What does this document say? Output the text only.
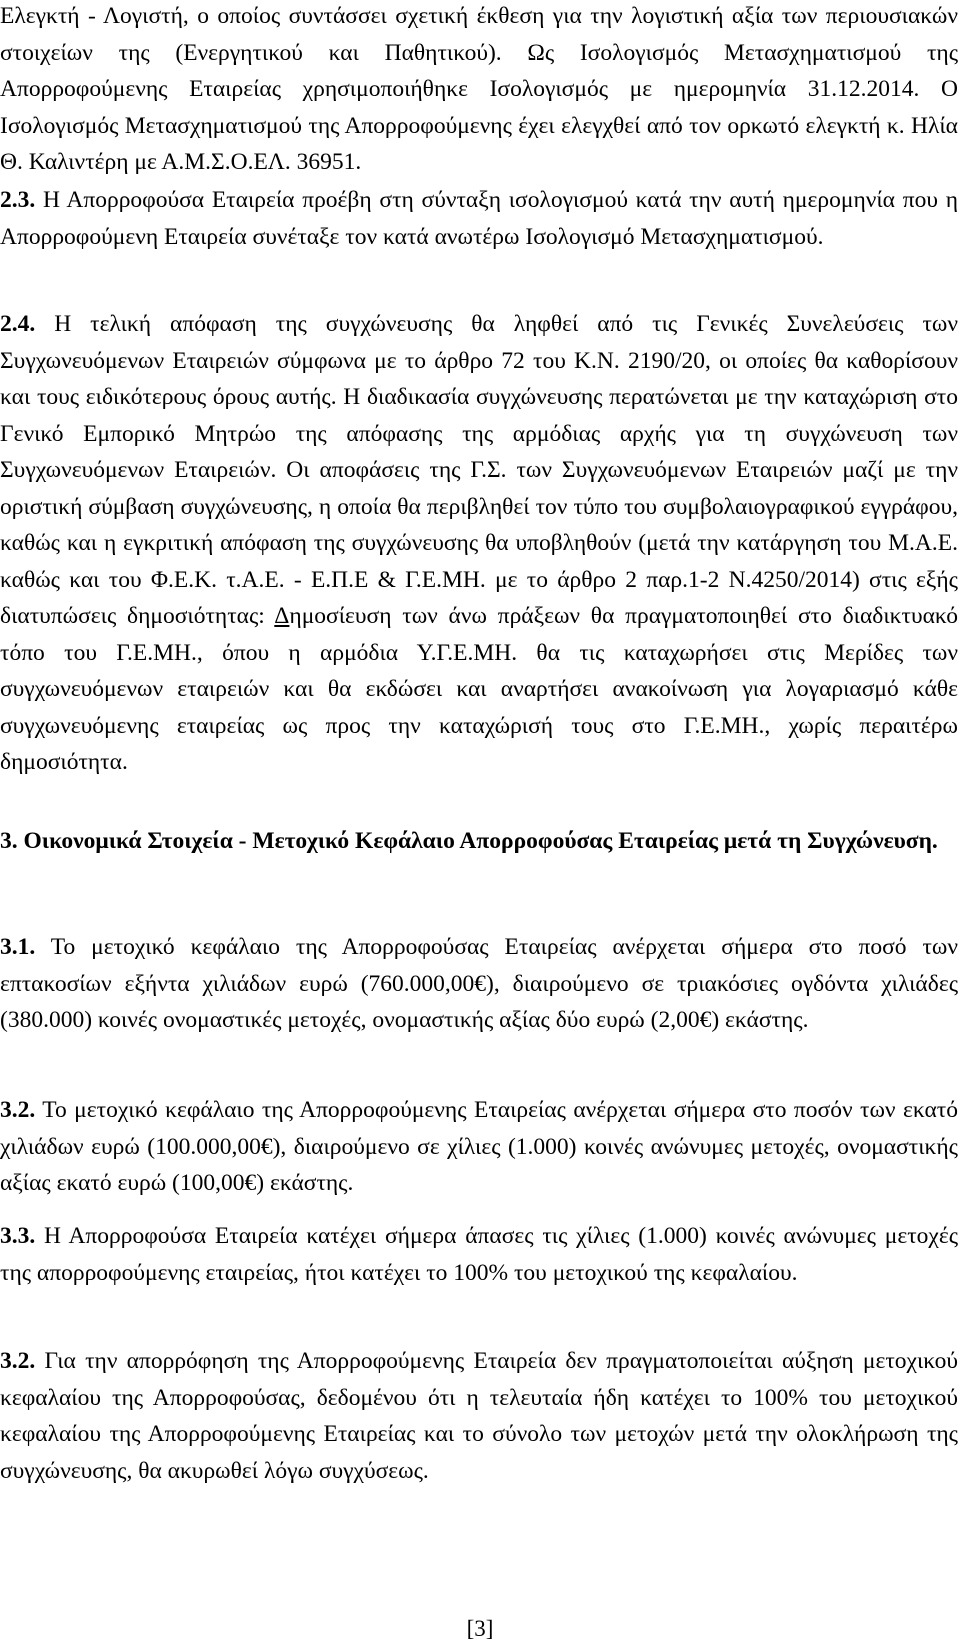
Ελεγκτή - Λογιστή, ο οποίος συντάσσει σχετική έκθεση για την λογιστική αξία των περιουσιακών στοιχείων της (Ενεργητικού και Παθητικού). Ως Ισολογισμός Μετασχηματισμού της Απορροφούμενης Εταιρείας χρησιμοποιήθηκε Ισολογισμός με ημερομηνία 31.12.2014. Ο Ισολογισμός Μετασχηματισμού της Απορροφούμενης έχει ελεγχθεί από τον ορκωτό ελεγκτή κ. Ηλία Θ. Καλιντέρη με Α.Μ.Σ.Ο.ΕΛ. 36951.

2.3. Η Απορροφούσα Εταιρεία προέβη στη σύνταξη ισολογισμού κατά την αυτή ημερομηνία που η Απορροφούμενη Εταιρεία συνέταξε τον κατά ανωτέρω Ισολογισμό Μετασχηματισμού.

2.4. Η τελική απόφαση της συγχώνευσης θα ληφθεί από τις Γενικές Συνελεύσεις των Συγχωνευόμενων Εταιρειών σύμφωνα με το άρθρο 72 του Κ.Ν. 2190/20, οι οποίες θα καθορίσουν και τους ειδικότερους όρους αυτής. Η διαδικασία συγχώνευσης περατώνεται με την καταχώριση στο Γενικό Εμπορικό Μητρώο της απόφασης της αρμόδιας αρχής για τη συγχώνευση των Συγχωνευόμενων Εταιρειών. Οι αποφάσεις της Γ.Σ. των Συγχωνευόμενων Εταιρειών μαζί με την οριστική σύμβαση συγχώνευσης, η οποία θα περιβληθεί τον τύπο του συμβολαιογραφικού εγγράφου, καθώς και η εγκριτική απόφαση της συγχώνευσης θα υποβληθούν (μετά την κατάργηση του Μ.Α.Ε. καθώς και του Φ.Ε.Κ. τ.Α.Ε. - Ε.Π.Ε & Γ.Ε.ΜΗ. με το άρθρο 2 παρ.1-2 Ν.4250/2014) στις εξής διατυπώσεις δημοσιότητας: Δημοσίευση των άνω πράξεων θα πραγματοποιηθεί στο διαδικτυακό τόπο του Γ.Ε.ΜΗ., όπου η αρμόδια Υ.Γ.Ε.ΜΗ. θα τις καταχωρήσει στις Μερίδες των συγχωνευόμενων εταιρειών και θα εκδώσει και αναρτήσει ανακοίνωση για λογαριασμό κάθε συγχωνευόμενης εταιρείας ως προς την καταχώρισή τους στο Γ.Ε.ΜΗ., χωρίς περαιτέρω δημοσιότητα.

3. Οικονομικά Στοιχεία - Μετοχικό Κεφάλαιο Απορροφούσας Εταιρείας μετά τη Συγχώνευση.

3.1. Το μετοχικό κεφάλαιο της Απορροφούσας Εταιρείας ανέρχεται σήμερα στο ποσό των επτακοσίων εξήντα χιλιάδων ευρώ (760.000,00€), διαιρούμενο σε τριακόσιες ογδόντα χιλιάδες (380.000) κοινές ονομαστικές μετοχές, ονομαστικής αξίας δύο ευρώ (2,00€) εκάστης.

3.2. Το μετοχικό κεφάλαιο της Απορροφούμενης Εταιρείας ανέρχεται σήμερα στο ποσόν των εκατό χιλιάδων ευρώ (100.000,00€), διαιρούμενο σε χίλιες (1.000) κοινές ανώνυμες μετοχές, ονομαστικής αξίας εκατό ευρώ (100,00€) εκάστης.

3.3. Η Απορροφούσα Εταιρεία κατέχει σήμερα άπασες τις χίλιες (1.000) κοινές ανώνυμες μετοχές της απορροφούμενης εταιρείας, ήτοι κατέχει το 100% του μετοχικού της κεφαλαίου.

3.2. Για την απορρόφηση της Απορροφούμενης Εταιρεία δεν πραγματοποιείται αύξηση μετοχικού κεφαλαίου της Απορροφούσας, δεδομένου ότι η τελευταία ήδη κατέχει το 100% του μετοχικού κεφαλαίου της Απορροφούμενης Εταιρείας και το σύνολο των μετοχών μετά την ολοκλήρωση της συγχώνευσης, θα ακυρωθεί λόγω συγχύσεως.

[3]
